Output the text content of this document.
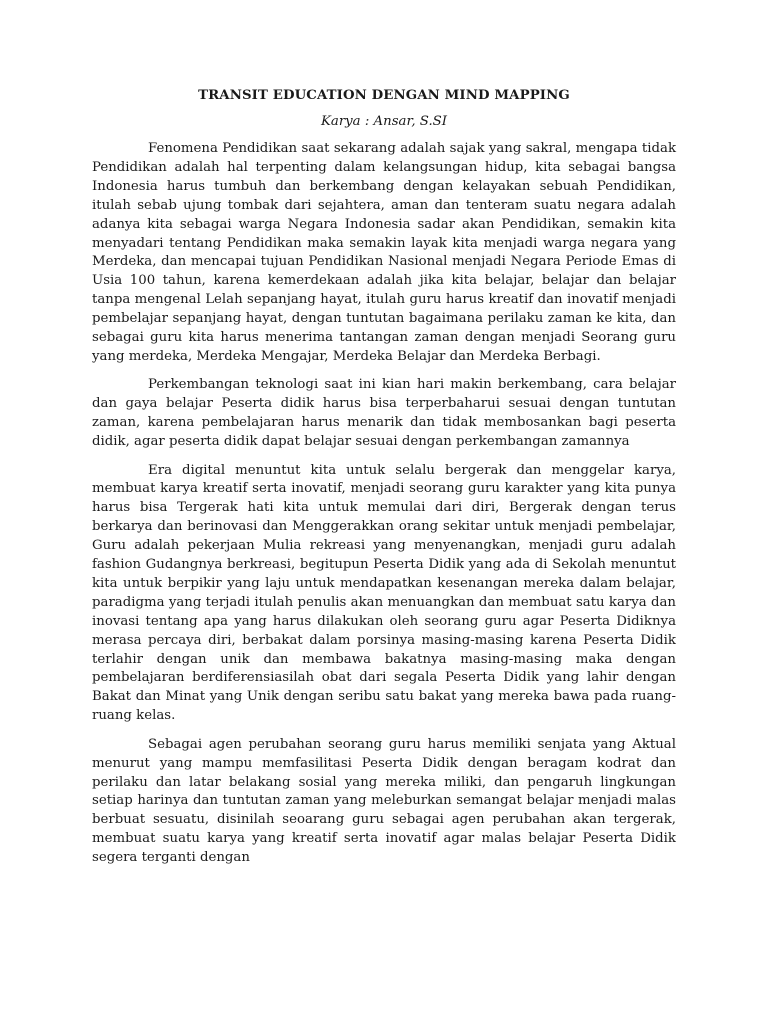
TRANSIT EDUCATION DENGAN MIND MAPPING
Karya : Ansar, S.SI

Fenomena Pendidikan saat sekarang adalah sajak yang sakral, mengapa tidak Pendidikan adalah hal terpenting dalam kelangsungan hidup, kita sebagai bangsa Indonesia harus tumbuh dan berkembang dengan kelayakan sebuah Pendidikan, itulah sebab ujung tombak dari sejahtera, aman dan tenteram suatu negara adalah adanya kita sebagai warga Negara Indonesia sadar akan Pendidikan, semakin kita menyadari tentang Pendidikan maka semakin layak kita menjadi warga negara yang Merdeka, dan mencapai tujuan Pendidikan Nasional menjadi Negara Periode Emas di Usia 100 tahun, karena kemerdekaan adalah jika kita belajar, belajar dan belajar tanpa mengenal Lelah sepanjang hayat, itulah guru harus kreatif dan inovatif menjadi pembelajar sepanjang hayat, dengan tuntutan bagaimana perilaku zaman ke kita, dan sebagai guru kita harus menerima tantangan zaman dengan menjadi Seorang guru yang merdeka, Merdeka Mengajar, Merdeka Belajar dan Merdeka Berbagi.

Perkembangan teknologi saat ini kian hari makin berkembang, cara belajar dan gaya belajar Peserta didik harus bisa terperbaharui sesuai dengan tuntutan zaman, karena pembelajaran harus menarik dan tidak membosankan bagi peserta didik, agar peserta didik dapat belajar sesuai dengan perkembangan zamannya

Era digital menuntut kita untuk selalu bergerak dan menggelar karya, membuat karya kreatif serta inovatif, menjadi seorang guru karakter yang kita punya harus bisa Tergerak hati kita untuk memulai dari diri, Bergerak dengan terus berkarya dan berinovasi dan Menggerakkan orang sekitar untuk menjadi pembelajar, Guru adalah pekerjaan Mulia rekreasi yang menyenangkan, menjadi guru adalah fashion Gudangnya berkreasi, begitupun Peserta Didik yang ada di Sekolah menuntut kita untuk berpikir yang laju untuk mendapatkan kesenangan mereka dalam belajar, paradigma yang terjadi itulah penulis akan menuangkan dan membuat satu karya dan inovasi tentang apa yang harus dilakukan oleh seorang guru agar Peserta Didiknya merasa percaya diri, berbakat dalam porsinya masing-masing karena Peserta Didik terlahir dengan unik dan membawa bakatnya masing-masing maka dengan pembelajaran berdiferensiasilah obat dari segala Peserta Didik yang lahir dengan Bakat dan Minat yang Unik dengan seribu satu bakat yang mereka bawa pada ruang-ruang kelas.

Sebagai agen perubahan seorang guru harus memiliki senjata yang Aktual menurut yang mampu memfasilitasi Peserta Didik dengan beragam kodrat dan perilaku dan latar belakang sosial yang mereka miliki, dan pengaruh lingkungan setiap harinya dan tuntutan zaman yang meleburkan semangat belajar menjadi malas berbuat sesuatu, disinilah seoarang guru sebagai agen perubahan akan tergerak, membuat suatu karya yang kreatif serta inovatif agar malas belajar Peserta Didik segera terganti dengan
